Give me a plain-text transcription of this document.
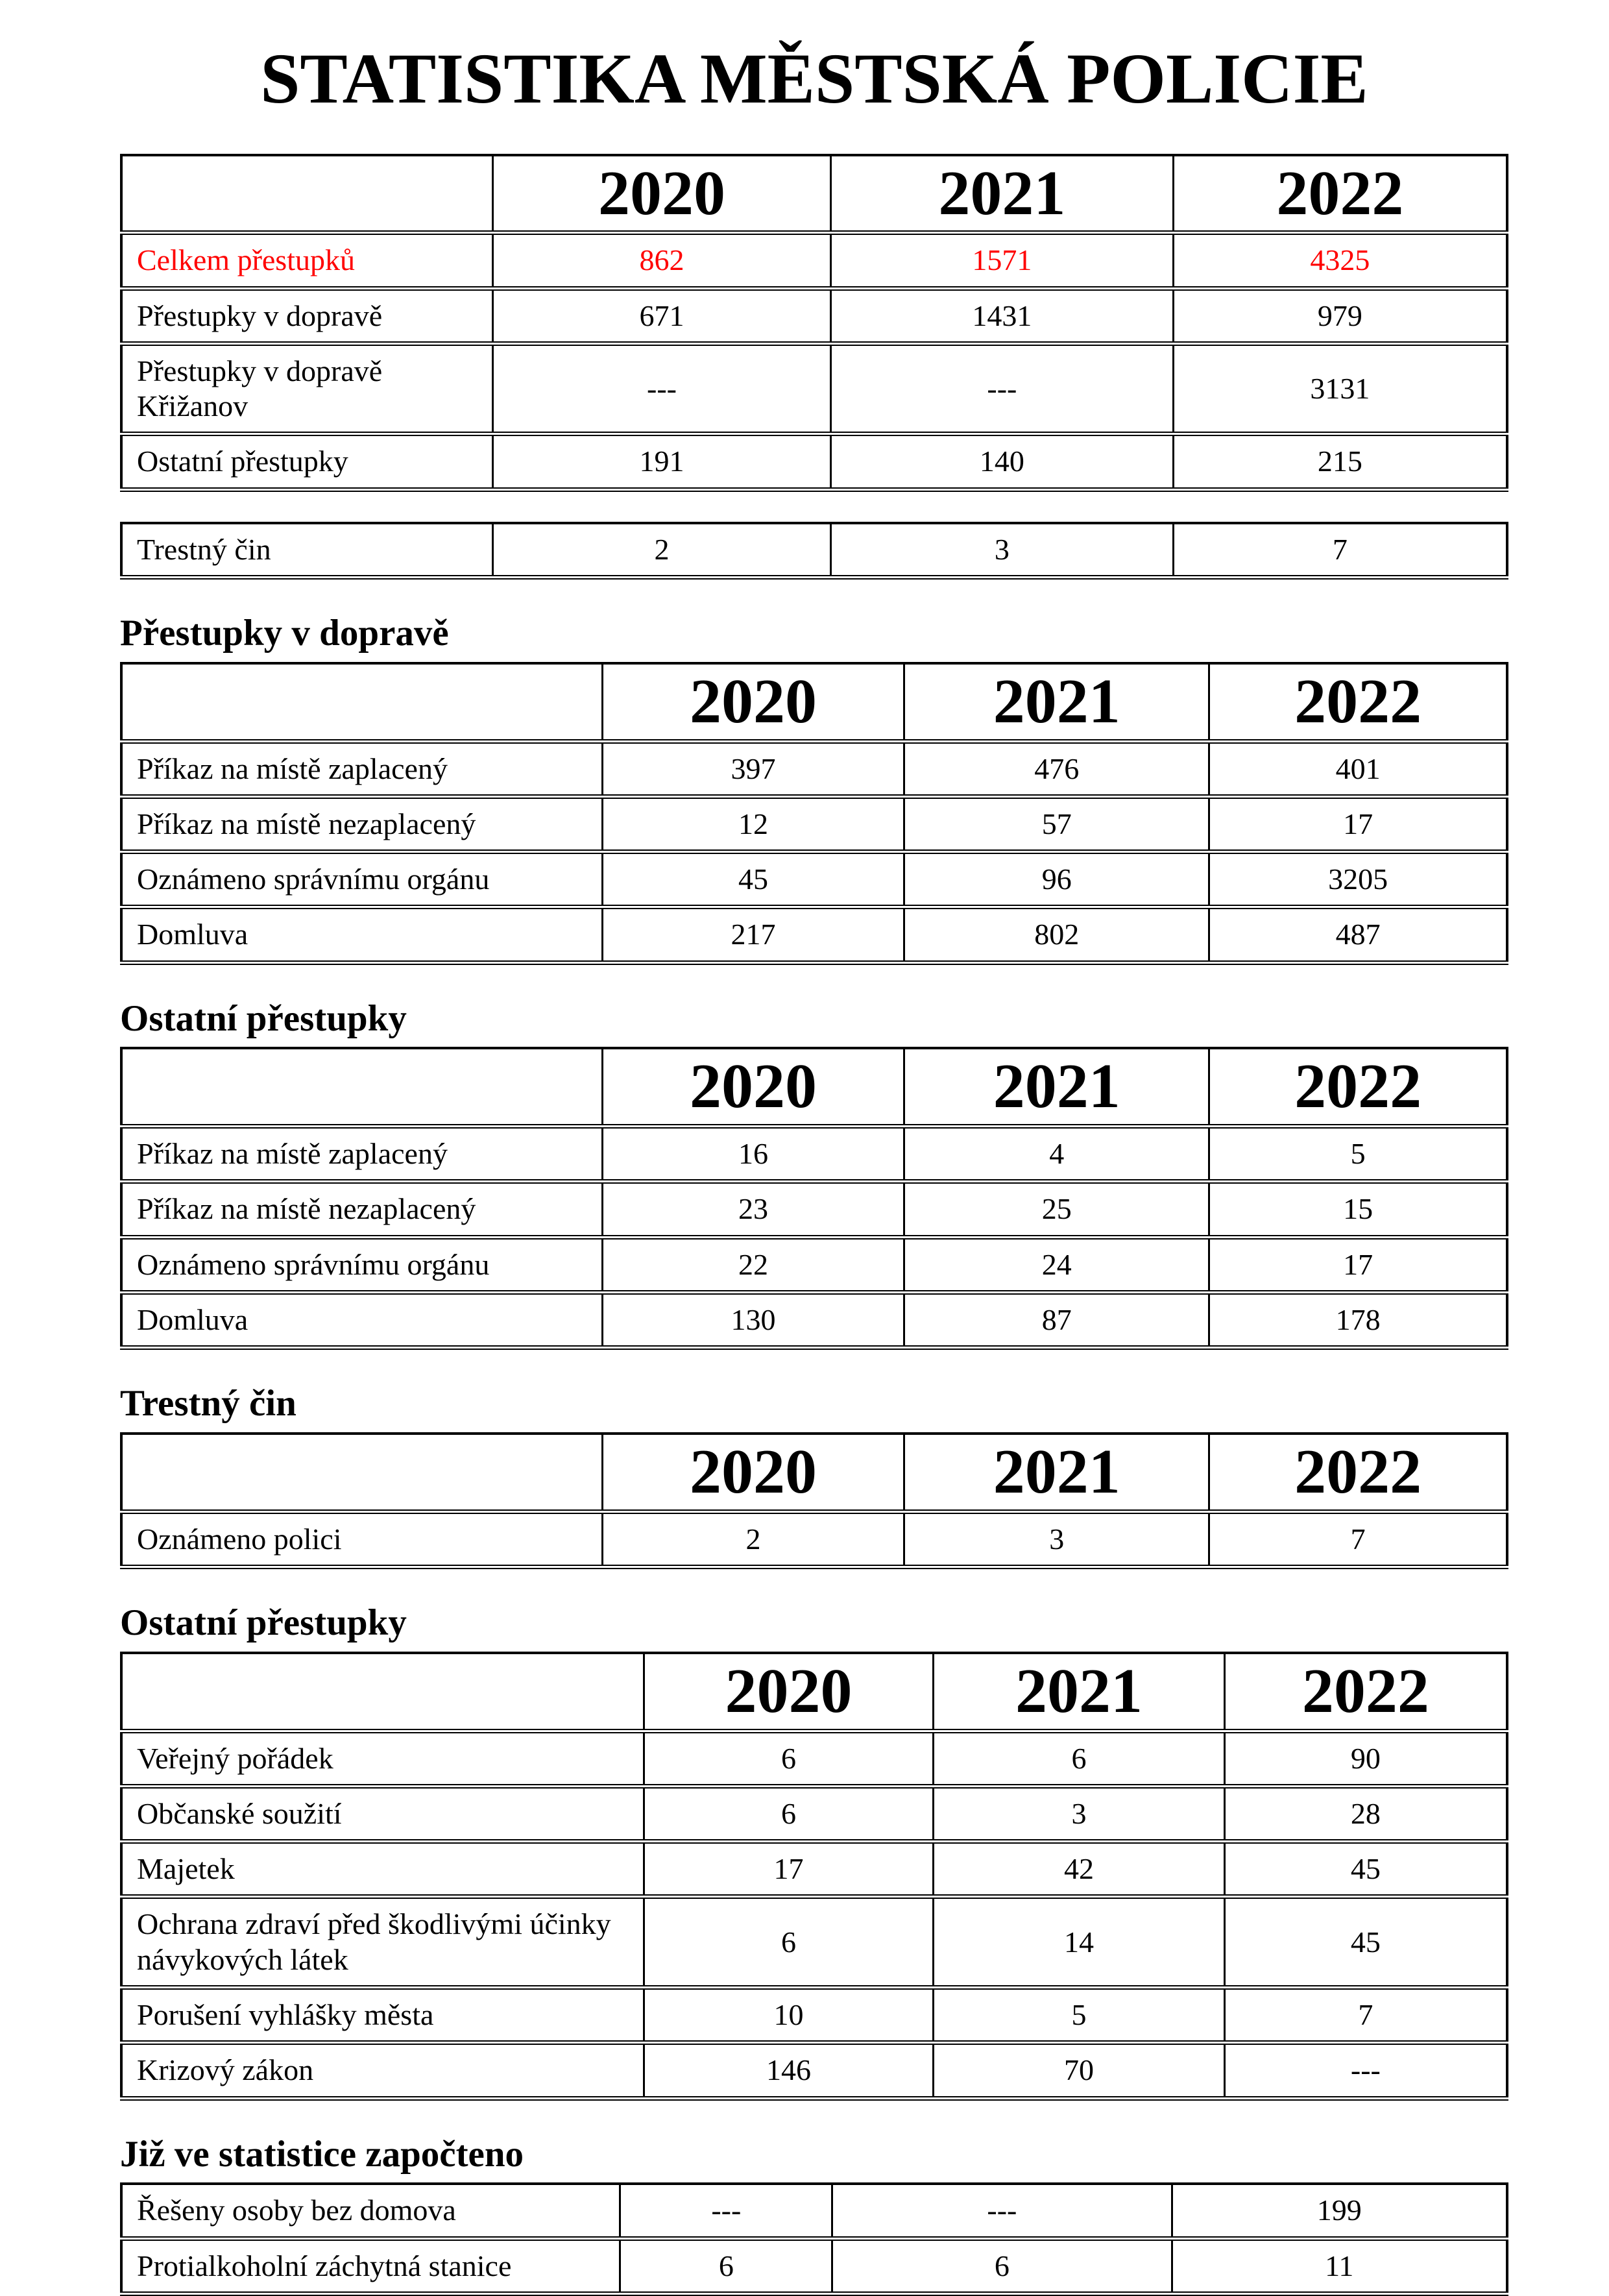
STATISTIKA MĚSTSKÁ POLICIE
	2020	2021	2022
Celkem přestupků	862	1571	4325
Přestupky v dopravě	671	1431	979
Přestupky v dopravě Křižanov	---	---	3131
Ostatní přestupky	191	140	215
Trestný čin	2	3	7
Přestupky v dopravě
	2020	2021	2022
Příkaz na místě zaplacený	397	476	401
Příkaz na místě nezaplacený	12	57	17
Oznámeno správnímu orgánu	45	96	3205
Domluva	217	802	487
Ostatní přestupky
	2020	2021	2022
Příkaz na místě zaplacený	16	4	5
Příkaz na místě nezaplacený	23	25	15
Oznámeno správnímu orgánu	22	24	17
Domluva	130	87	178
Trestný čin
	2020	2021	2022
Oznámeno polici	2	3	7
Ostatní přestupky
	2020	2021	2022
Veřejný pořádek	6	6	90
Občanské soužití	6	3	28
Majetek	17	42	45
Ochrana zdraví před škodlivými účinky návykových látek	6	14	45
Porušení vyhlášky města	10	5	7
Krizový zákon	146	70	---
Již ve statistice započteno
Řešeny osoby bez domova	---	---	199
Protialkoholní záchytná stanice	6	6	11
